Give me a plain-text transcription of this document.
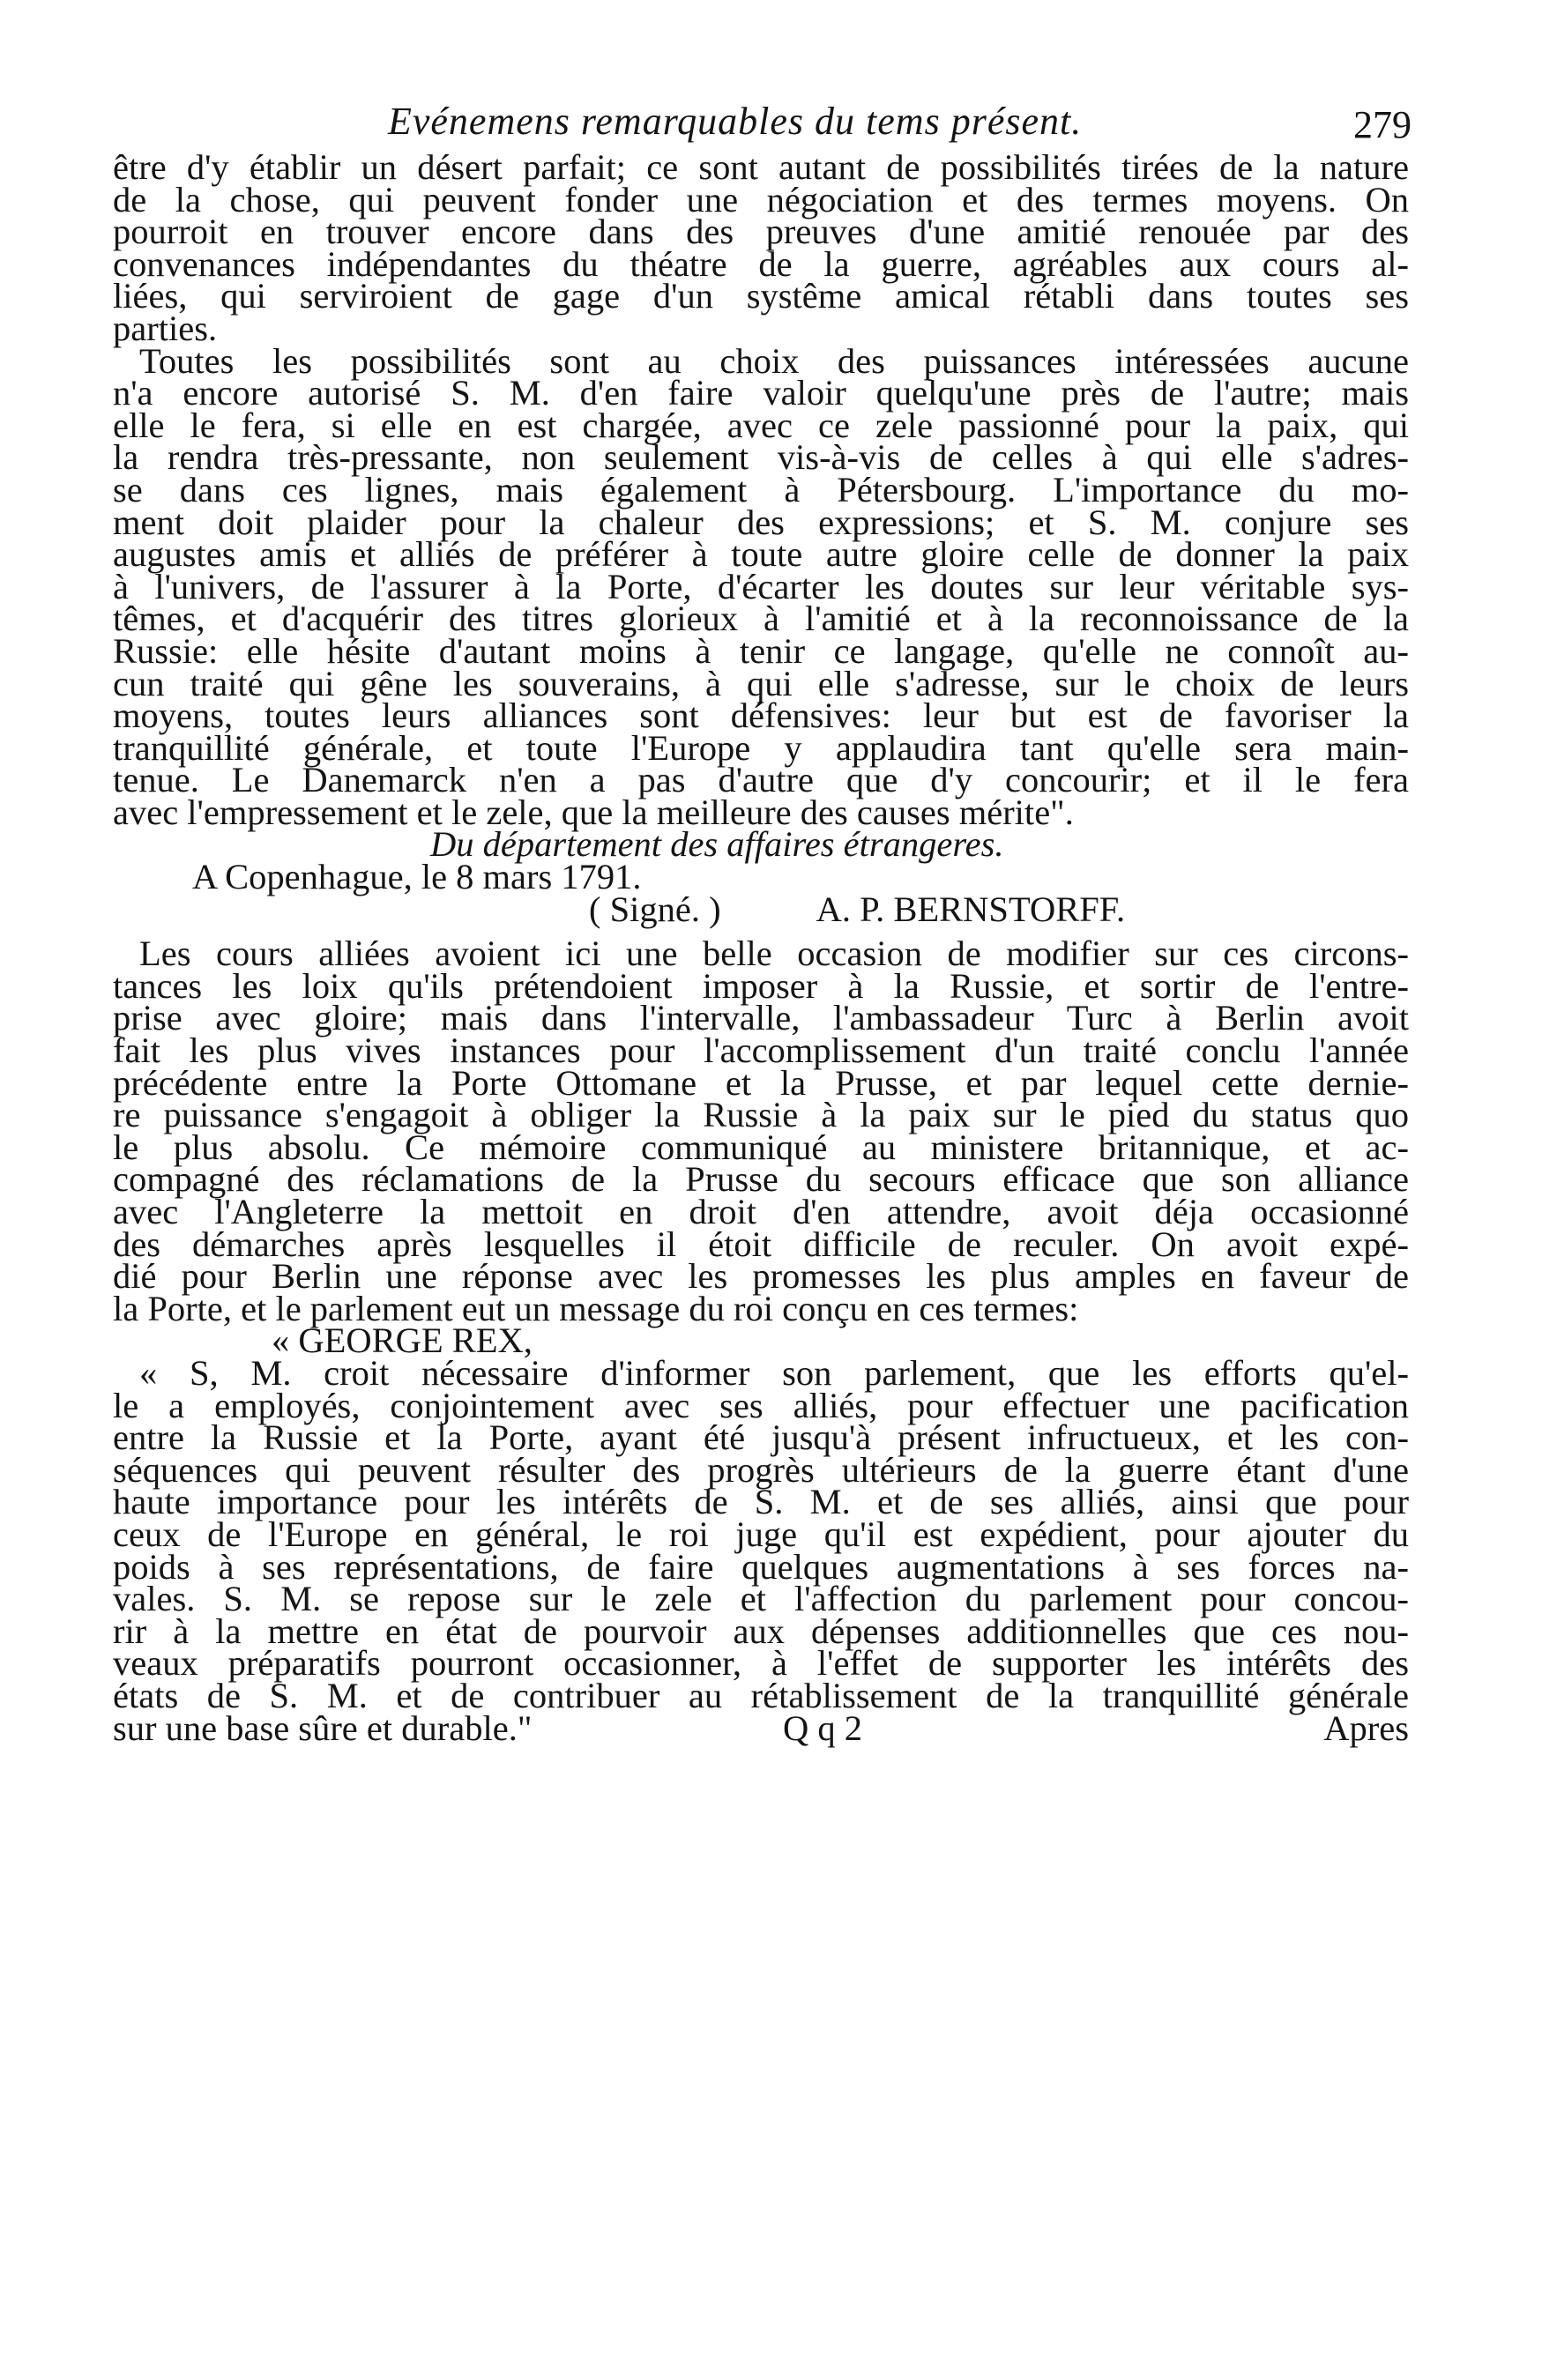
Evénemens remarquables du tems présent.	279
être d'y établir un désert parfait; ce sont autant de possibilités tirées de la nature
de la chose, qui peuvent fonder une négociation et des termes moyens. On
pourroit en trouver encore dans des preuves d'une amitié renouée par des
convenances indépendantes du théatre de la guerre, agréables aux cours al-
liées, qui serviroient de gage d'un systême amical rétabli dans toutes ses
parties.
Toutes les possibilités sont au choix des puissances intéressées aucune
n'a encore autorisé S. M. d'en faire valoir quelqu'une près de l'autre; mais
elle le fera, si elle en est chargée, avec ce zele passionné pour la paix, qui
la rendra très-pressante, non seulement vis-à-vis de celles à qui elle s'adres-
se dans ces lignes, mais également à Pétersbourg. L'importance du mo-
ment doit plaider pour la chaleur des expressions; et S. M. conjure ses
augustes amis et alliés de préférer à toute autre gloire celle de donner la paix
à l'univers, de l'assurer à la Porte, d'écarter les doutes sur leur véritable sys-
têmes, et d'acquérir des titres glorieux à l'amitié et à la reconnoissance de la
Russie: elle hésite d'autant moins à tenir ce langage, qu'elle ne connoît au-
cun traité qui gêne les souverains, à qui elle s'adresse, sur le choix de leurs
moyens, toutes leurs alliances sont défensives: leur but est de favoriser la
tranquillité générale, et toute l'Europe y applaudira tant qu'elle sera main-
tenue. Le Danemarck n'en a pas d'autre que d'y concourir; et il le fera
avec l'empressement et le zele, que la meilleure des causes mérite".
Du département des affaires étrangeres.
A Copenhague, le 8 mars 1791.
( Signé. )	A. P. BERNSTORFF.
Les cours alliées avoient ici une belle occasion de modifier sur ces circons-
tances les loix qu'ils prétendoient imposer à la Russie, et sortir de l'entre-
prise avec gloire; mais dans l'intervalle, l'ambassadeur Turc à Berlin avoit
fait les plus vives instances pour l'accomplissement d'un traité conclu l'année
précédente entre la Porte Ottomane et la Prusse, et par lequel cette dernie-
re puissance s'engagoit à obliger la Russie à la paix sur le pied du status quo
le plus absolu. Ce mémoire communiqué au ministere britannique, et ac-
compagné des réclamations de la Prusse du secours efficace que son alliance
avec l'Angleterre la mettoit en droit d'en attendre, avoit déja occasionné
des démarches après lesquelles il étoit difficile de reculer. On avoit expé-
dié pour Berlin une réponse avec les promesses les plus amples en faveur de
la Porte, et le parlement eut un message du roi conçu en ces termes:
« GEORGE REX,
« S, M. croit nécessaire d'informer son parlement, que les efforts qu'el-
le a employés, conjointement avec ses alliés, pour effectuer une pacification
entre la Russie et la Porte, ayant été jusqu'à présent infructueux, et les con-
séquences qui peuvent résulter des progrès ultérieurs de la guerre étant d'une
haute importance pour les intérêts de S. M. et de ses alliés, ainsi que pour
ceux de l'Europe en général, le roi juge qu'il est expédient, pour ajouter du
poids à ses représentations, de faire quelques augmentations à ses forces na-
vales. S. M. se repose sur le zele et l'affection du parlement pour concou-
rir à la mettre en état de pourvoir aux dépenses additionnelles que ces nou-
veaux préparatifs pourront occasionner, à l'effet de supporter les intérêts des
états de S. M. et de contribuer au rétablissement de la tranquillité générale
sur une base sûre et durable."	Q q 2	Apres
